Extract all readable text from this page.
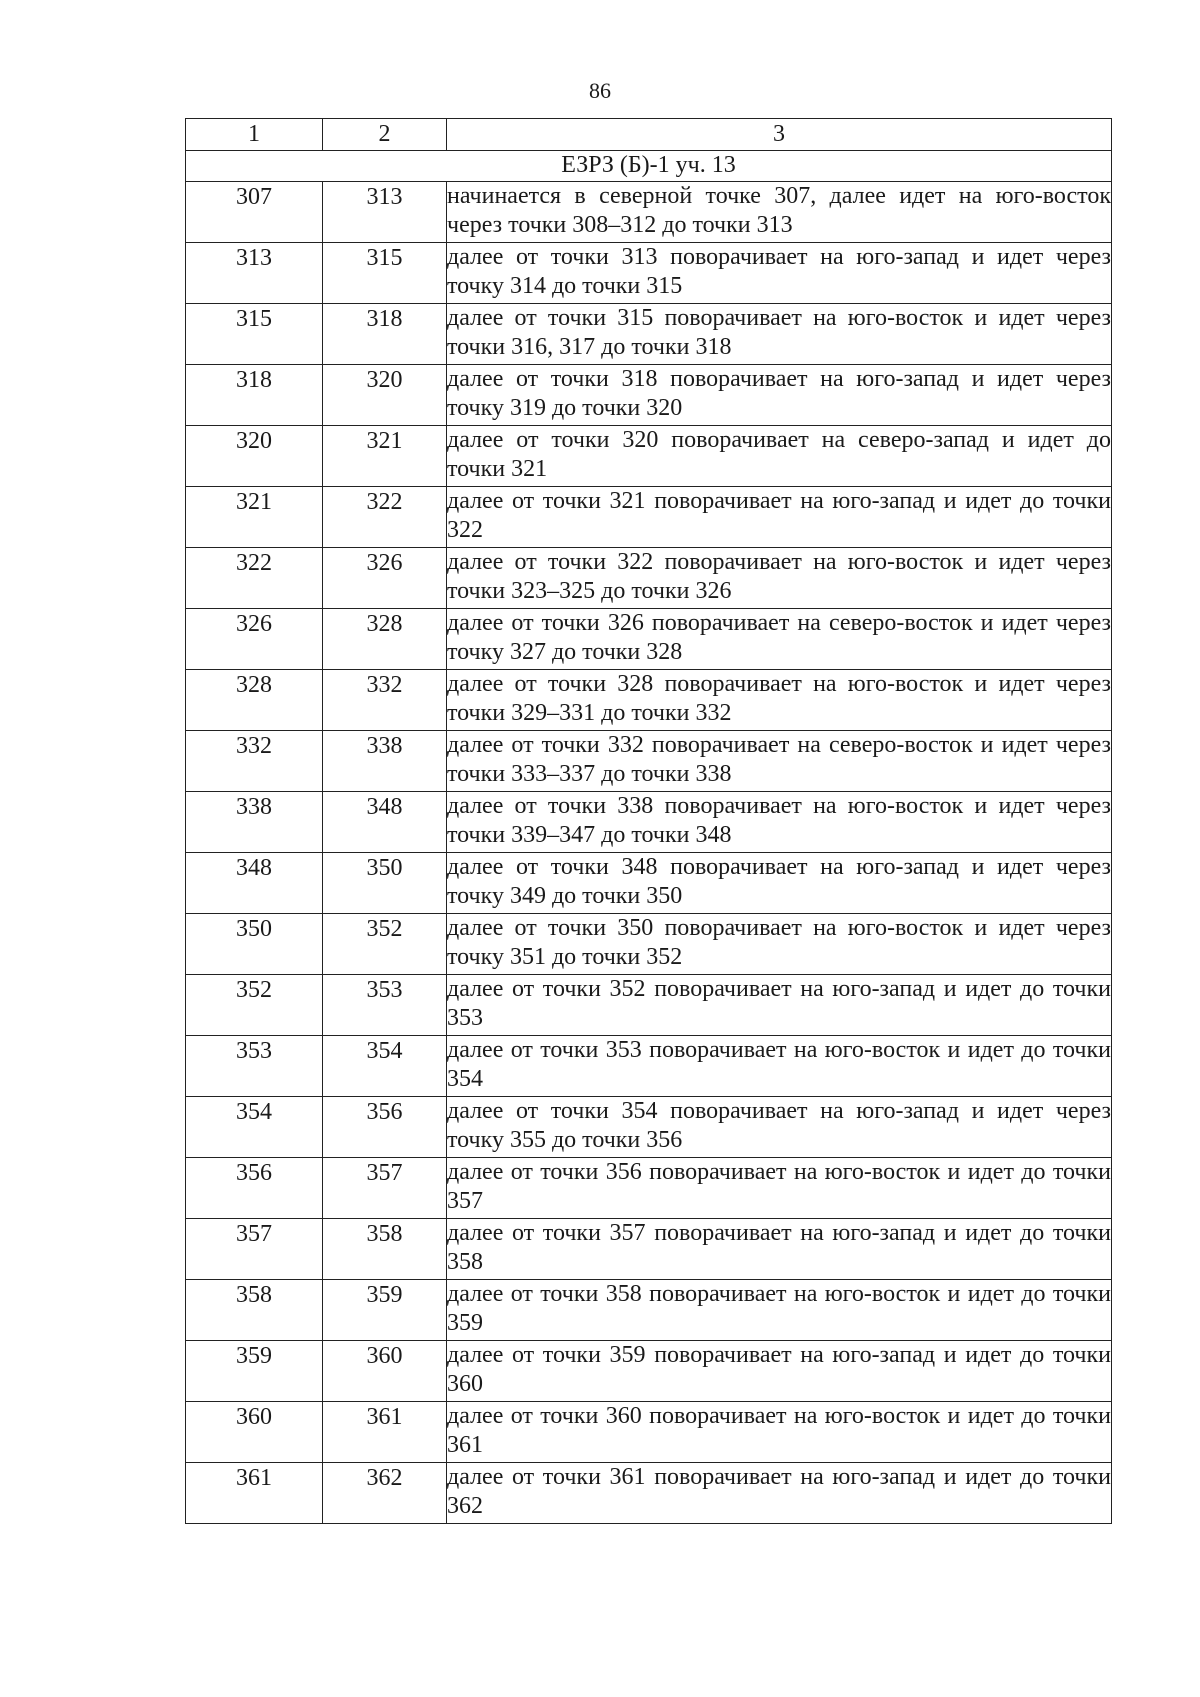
86
1	2	3
ЕЗРЗ (Б)-1 уч. 13		
307	313	начинается в северной точке 307, далее идет на юго-восток через точки 308–312 до точки 313
313	315	далее от точки 313 поворачивает на юго-запад и идет через точку 314 до точки 315
315	318	далее от точки 315 поворачивает на юго-восток и идет через точки 316, 317 до точки 318
318	320	далее от точки 318 поворачивает на юго-запад и идет через точку 319 до точки 320
320	321	далее от точки 320 поворачивает на северо-запад и идет до точки 321
321	322	далее от точки 321 поворачивает на юго-запад и идет до точки 322
322	326	далее от точки 322 поворачивает на юго-восток и идет через точки 323–325 до точки 326
326	328	далее от точки 326 поворачивает на северо-восток и идет через точку 327 до точки 328
328	332	далее от точки 328 поворачивает на юго-восток и идет через точки 329–331 до точки 332
332	338	далее от точки 332 поворачивает на северо-восток и идет через точки 333–337 до точки 338
338	348	далее от точки 338 поворачивает на юго-восток и идет через точки 339–347 до точки 348
348	350	далее от точки 348 поворачивает на юго-запад и идет через точку 349 до точки 350
350	352	далее от точки 350 поворачивает на юго-восток и идет через точку 351 до точки 352
352	353	далее от точки 352 поворачивает на юго-запад и идет до точки 353
353	354	далее от точки 353 поворачивает на юго-восток и идет до точки 354
354	356	далее от точки 354 поворачивает на юго-запад и идет через точку 355 до точки 356
356	357	далее от точки 356 поворачивает на юго-восток и идет до точки 357
357	358	далее от точки 357 поворачивает на юго-запад и идет до точки 358
358	359	далее от точки 358 поворачивает на юго-восток и идет до точки 359
359	360	далее от точки 359 поворачивает на юго-запад и идет до точки 360
360	361	далее от точки 360 поворачивает на юго-восток и идет до точки 361
361	362	далее от точки 361 поворачивает на юго-запад и идет до точки 362
